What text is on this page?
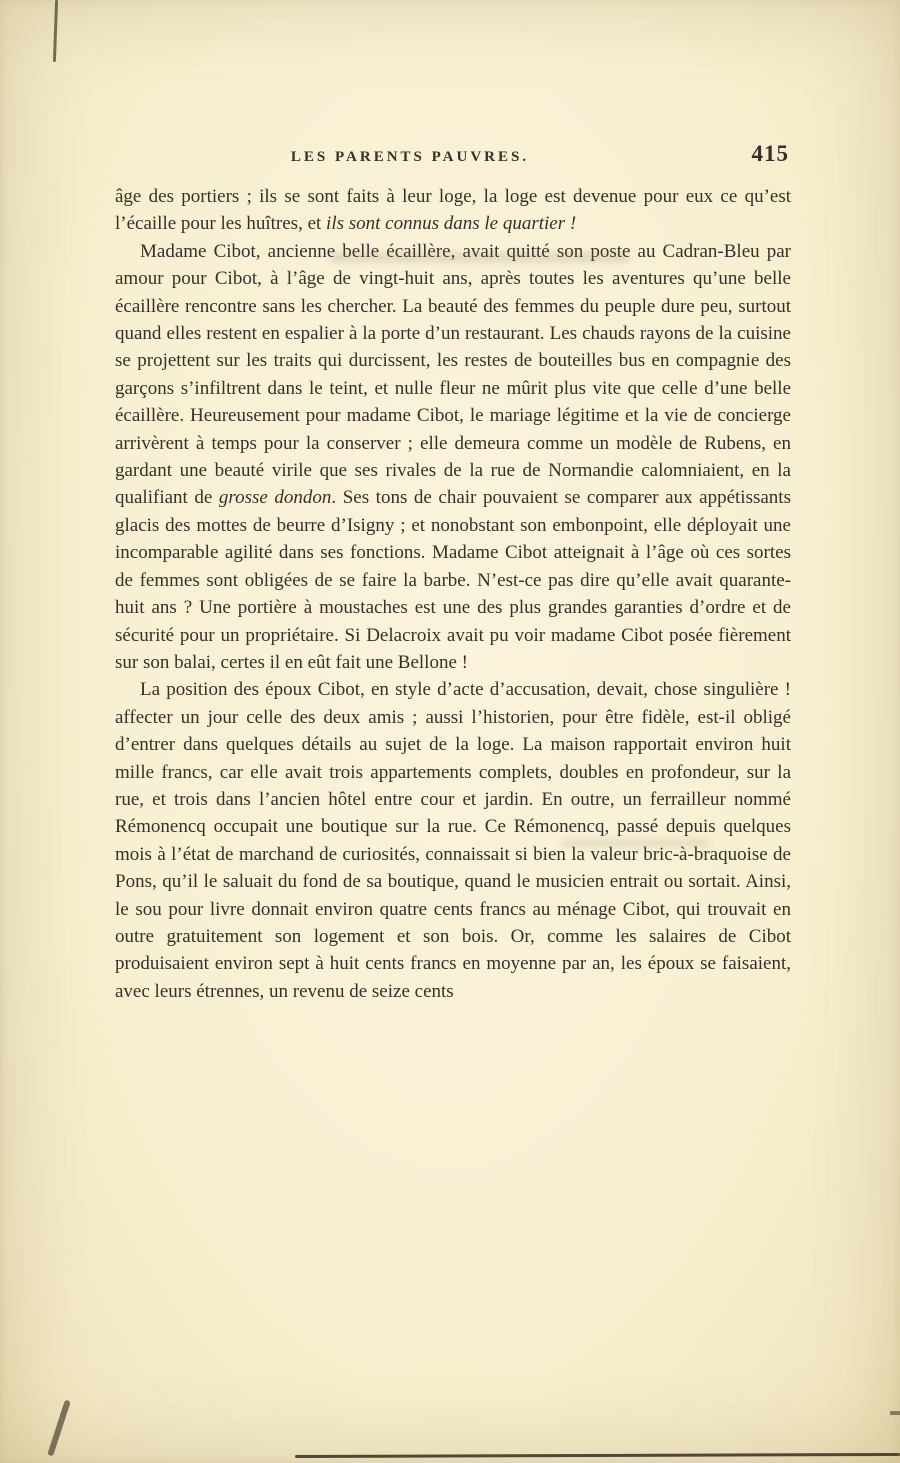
LES PARENTS PAUVRES.	415

âge des portiers ; ils se sont faits à leur loge, la loge est devenue pour eux ce qu’est l’écaille pour les huîtres, et ils sont connus dans le quartier !

Madame Cibot, ancienne belle écaillère, avait quitté son poste au Cadran-Bleu par amour pour Cibot, à l’âge de vingt-huit ans, après toutes les aventures qu’une belle écaillère rencontre sans les chercher. La beauté des femmes du peuple dure peu, surtout quand elles restent en espalier à la porte d’un restaurant. Les chauds rayons de la cuisine se projettent sur les traits qui durcissent, les restes de bouteilles bus en compagnie des garçons s’infiltrent dans le teint, et nulle fleur ne mûrit plus vite que celle d’une belle écaillère. Heureusement pour madame Cibot, le mariage légitime et la vie de concierge arrivèrent à temps pour la conserver ; elle demeura comme un modèle de Rubens, en gardant une beauté virile que ses rivales de la rue de Normandie calomniaient, en la qualifiant de grosse dondon. Ses tons de chair pouvaient se comparer aux appétissants glacis des mottes de beurre d’Isigny ; et nonobstant son embonpoint, elle déployait une incomparable agilité dans ses fonctions. Madame Cibot atteignait à l’âge où ces sortes de femmes sont obligées de se faire la barbe. N’est-ce pas dire qu’elle avait quarante-huit ans ? Une portière à moustaches est une des plus grandes garanties d’ordre et de sécurité pour un propriétaire. Si Delacroix avait pu voir madame Cibot posée fièrement sur son balai, certes il en eût fait une Bellone !

La position des époux Cibot, en style d’acte d’accusation, devait, chose singulière ! affecter un jour celle des deux amis ; aussi l’historien, pour être fidèle, est-il obligé d’entrer dans quelques détails au sujet de la loge. La maison rapportait environ huit mille francs, car elle avait trois appartements complets, doubles en profondeur, sur la rue, et trois dans l’ancien hôtel entre cour et jardin. En outre, un ferrailleur nommé Rémonencq occupait une boutique sur la rue. Ce Rémonencq, passé depuis quelques mois à l’état de marchand de curiosités, connaissait si bien la valeur bric-à-braquoise de Pons, qu’il le saluait du fond de sa boutique, quand le musicien entrait ou sortait. Ainsi, le sou pour livre donnait environ quatre cents francs au ménage Cibot, qui trouvait en outre gratuitement son logement et son bois. Or, comme les salaires de Cibot produisaient environ sept à huit cents francs en moyenne par an, les époux se faisaient, avec leurs étrennes, un revenu de seize cents
